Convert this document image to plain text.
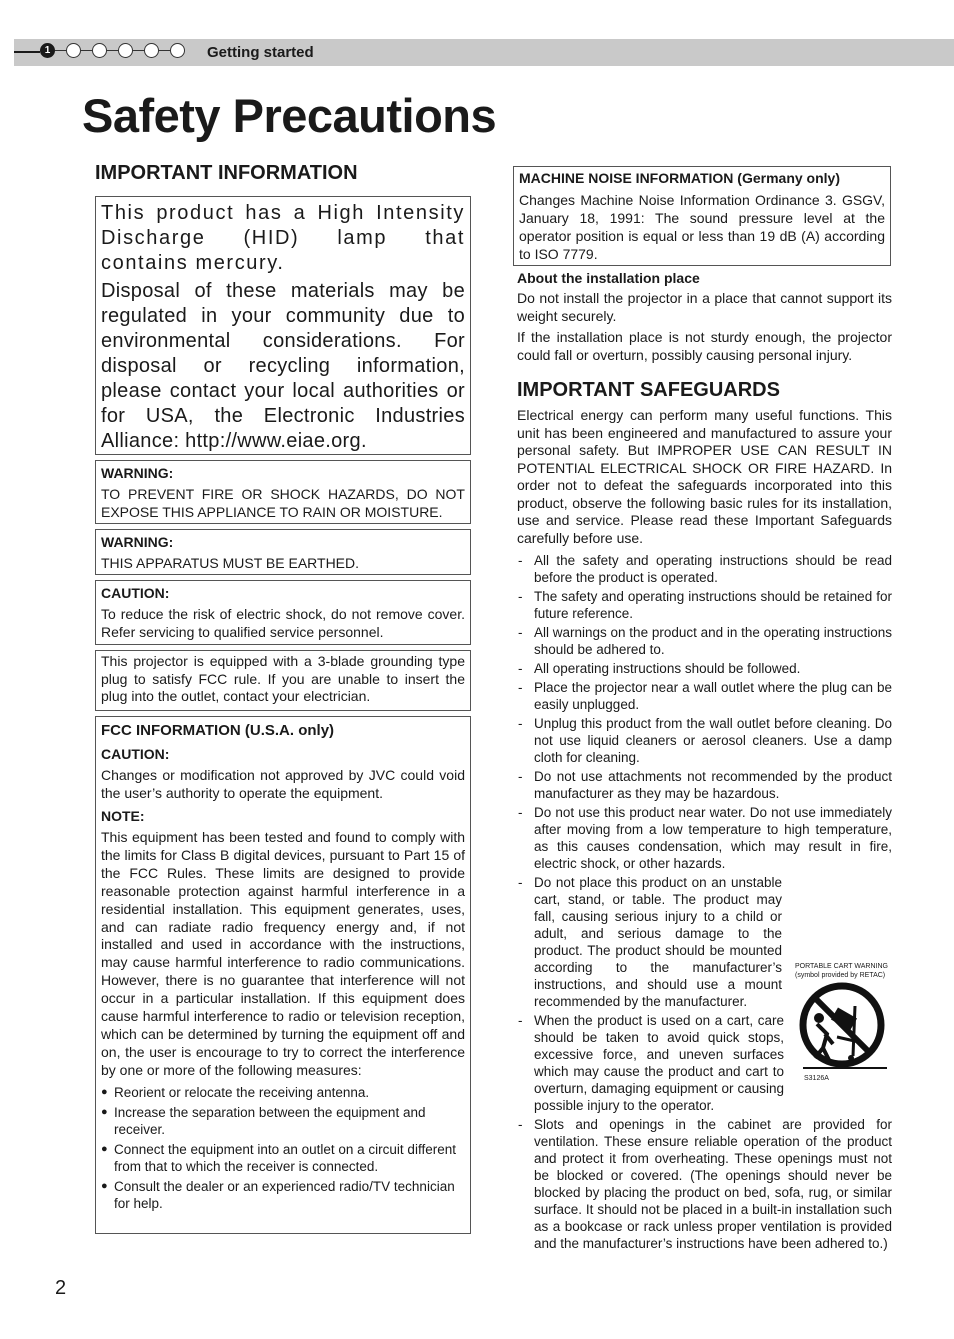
1	Getting started
Safety Precautions
IMPORTANT INFORMATION

This product has a High Intensity Discharge (HID) lamp that contains mercury.

Disposal of these materials may be regulated in your community due to environmental considerations. For disposal or recycling information, please contact your local authorities or for USA, the Electronic Industries Alliance: http://www.eiae.org.

WARNING:

TO PREVENT FIRE OR SHOCK HAZARDS, DO NOT EXPOSE THIS APPLIANCE TO RAIN OR MOISTURE.

WARNING:

THIS APPARATUS MUST BE EARTHED.

CAUTION:

To reduce the risk of electric shock, do not remove cover. Refer servicing to qualified service personnel.

This projector is equipped with a 3-blade grounding type plug to satisfy FCC rule. If you are unable to insert the plug into the outlet, contact your electrician.

FCC INFORMATION (U.S.A. only)

CAUTION:

Changes or modification not approved by JVC could void the user’s authority to operate the equipment.

NOTE:

This equipment has been tested and found to comply with the limits for Class B digital devices, pursuant to Part 15 of the FCC Rules. These limits are designed to provide reasonable protection against harmful interference in a residential installation. This equipment generates, uses, and can radiate radio frequency energy and, if not installed and used in accordance with the instructions, may cause harmful interference to radio communications. However, there is no guarantee that interference will not occur in a particular installation. If this equipment does cause harmful interference to radio or television reception, which can be determined by turning the equipment off and on, the user is encourage to try to correct the interference by one or more of the following measures:

● Reorient or relocate the receiving antenna.
● Increase the separation between the equipment and receiver.
● Connect the equipment into an outlet on a circuit different from that to which the receiver is connected.
● Consult the dealer or an experienced radio/TV technician for help.

MACHINE NOISE INFORMATION (Germany only)

Changes Machine Noise Information Ordinance 3. GSGV, January 18, 1991: The sound pressure level at the operator position is equal or less than 19 dB (A) according to ISO 7779.

About the installation place

Do not install the projector in a place that cannot support its weight securely.

If the installation place is not sturdy enough, the projector could fall or overturn, possibly causing personal injury.

IMPORTANT SAFEGUARDS

Electrical energy can perform many useful functions. This unit has been engineered and manufactured to assure your personal safety. But IMPROPER USE CAN RESULT IN POTENTIAL ELECTRICAL SHOCK OR FIRE HAZARD. In order not to defeat the safeguards incorporated into this product, observe the following basic rules for its installation, use and service. Please read these Important Safeguards carefully before use.

- All the safety and operating instructions should be read before the product is operated.
- The safety and operating instructions should be retained for future reference.
- All warnings on the product and in the operating instructions should be adhered to.
- All operating instructions should be followed.
- Place the projector near a wall outlet where the plug can be easily unplugged.
- Unplug this product from the wall outlet before cleaning. Do not use liquid cleaners or aerosol cleaners. Use a damp cloth for cleaning.
- Do not use attachments not recommended by the product manufacturer as they may be hazardous.
- Do not use this product near water. Do not use immediately after moving from a low temperature to high temperature, as this causes condensation, which may result in fire, electric shock, or other hazards.
- Do not place this product on an unstable cart, stand, or table. The product may fall, causing serious injury to a child or adult, and serious damage to the product. The product should be mounted according to the manufacturer’s instructions, and should use a mount recommended by the manufacturer.
- When the product is used on a cart, care should be taken to avoid quick stops, excessive force, and uneven surfaces which may cause the product and cart to overturn, damaging equipment or causing possible injury to the operator.
- Slots and openings in the cabinet are provided for ventilation. These ensure reliable operation of the product and protect it from overheating. These openings must not be blocked or covered. (The openings should never be blocked by placing the product on bed, sofa, rug, or similar surface. It should not be placed in a built-in installation such as a bookcase or rack unless proper ventilation is provided and the manufacturer’s instructions have been adhered to.)
PORTABLE CART WARNING
(symbol provided by RETAC)
S3126A
2
